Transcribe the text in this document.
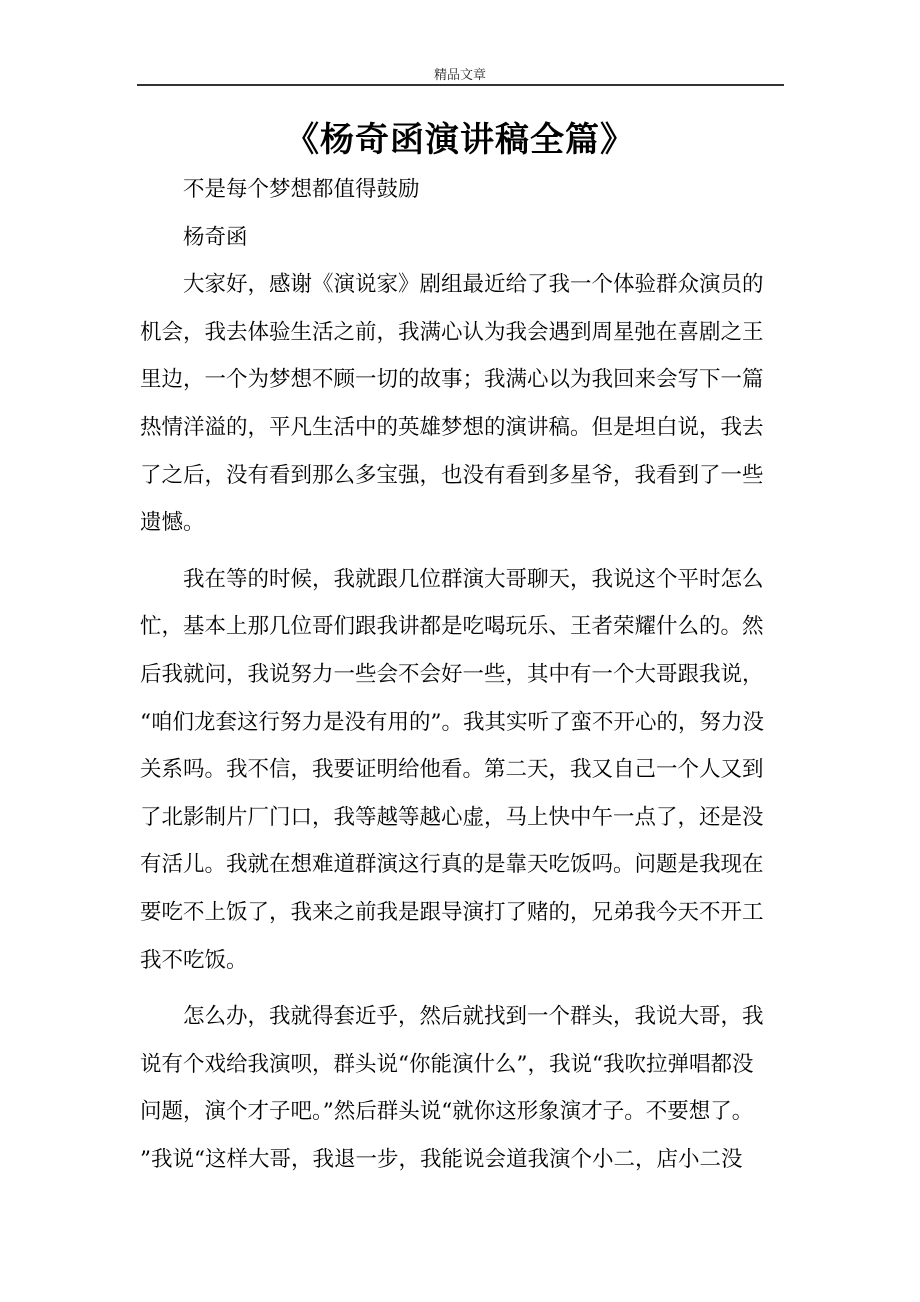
精品文章
《杨奇函演讲稿全篇》
不是每个梦想都值得鼓励
杨奇函
大家好，感谢《演说家》剧组最近给了我一个体验群众演员的
机会，我去体验生活之前，我满心认为我会遇到周星弛在喜剧之王
里边，一个为梦想不顾一切的故事；我满心以为我回来会写下一篇
热情洋溢的，平凡生活中的英雄梦想的演讲稿。但是坦白说，我去
了之后，没有看到那么多宝强，也没有看到多星爷，我看到了一些
遗憾。
我在等的时候，我就跟几位群演大哥聊天，我说这个平时怎么
忙，基本上那几位哥们跟我讲都是吃喝玩乐、王者荣耀什么的。然
后我就问，我说努力一些会不会好一些，其中有一个大哥跟我说，
“咱们龙套这行努力是没有用的”。我其实听了蛮不开心的，努力没
关系吗。我不信，我要证明给他看。第二天，我又自己一个人又到
了北影制片厂门口，我等越等越心虚，马上快中午一点了，还是没
有活儿。我就在想难道群演这行真的是靠天吃饭吗。问题是我现在
要吃不上饭了，我来之前我是跟导演打了赌的，兄弟我今天不开工
我不吃饭。
怎么办，我就得套近乎，然后就找到一个群头，我说大哥，我
说有个戏给我演呗，群头说“你能演什么”，我说“我吹拉弹唱都没
问题，演个才子吧。”然后群头说“就你这形象演才子。不要想了。
”我说“这样大哥，我退一步，我能说会道我演个小二，店小二没
